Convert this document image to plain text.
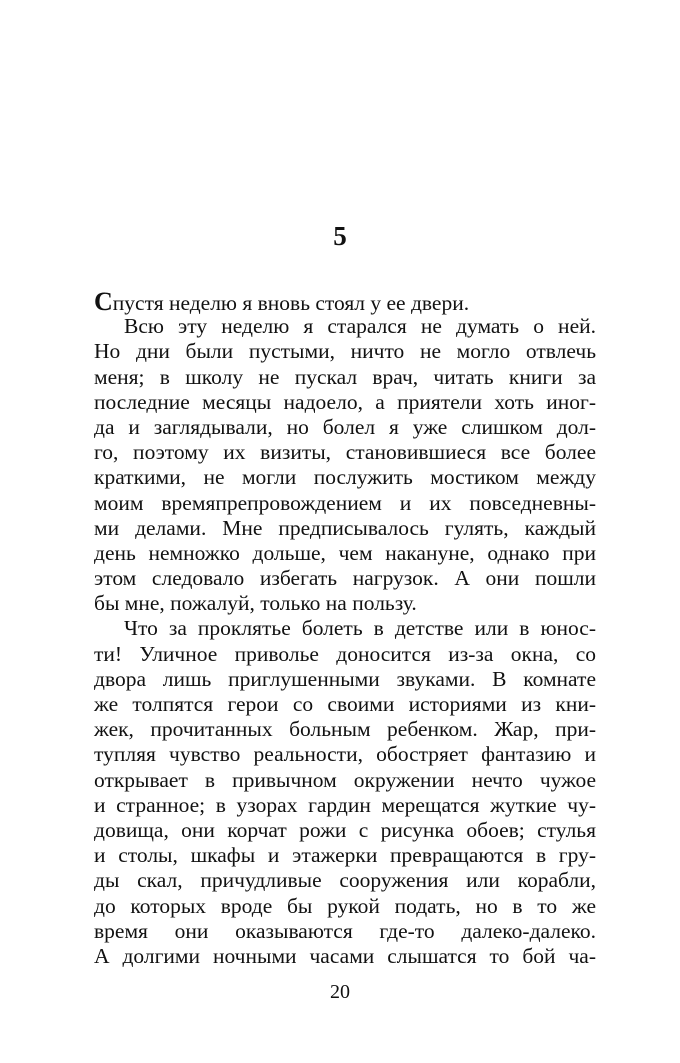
5
Спустя неделю я вновь стоял у ее двери.
Всю эту неделю я старался не думать о ней.
Но дни были пустыми, ничто не могло отвлечь
меня; в школу не пускал врач, читать книги за
последние месяцы надоело, а приятели хоть иног-
да и заглядывали, но болел я уже слишком дол-
го, поэтому их визиты, становившиеся все более
краткими, не могли послужить мостиком между
моим времяпрепровождением и их повседневны-
ми делами. Мне предписывалось гулять, каждый
день немножко дольше, чем накануне, однако при
этом следовало избегать нагрузок. А они пошли
бы мне, пожалуй, только на пользу.
Что за проклятье болеть в детстве или в юнос-
ти! Уличное приволье доносится из-за окна, со
двора лишь приглушенными звуками. В комнате
же толпятся герои со своими историями из кни-
жек, прочитанных больным ребенком. Жар, при-
тупляя чувство реальности, обостряет фантазию и
открывает в привычном окружении нечто чужое
и странное; в узорах гардин мерещатся жуткие чу-
довища, они корчат рожи с рисунка обоев; стулья
и столы, шкафы и этажерки превращаются в гру-
ды скал, причудливые сооружения или корабли,
до которых вроде бы рукой подать, но в то же
время они оказываются где-то далеко-далеко.
А долгими ночными часами слышатся то бой ча-
20
